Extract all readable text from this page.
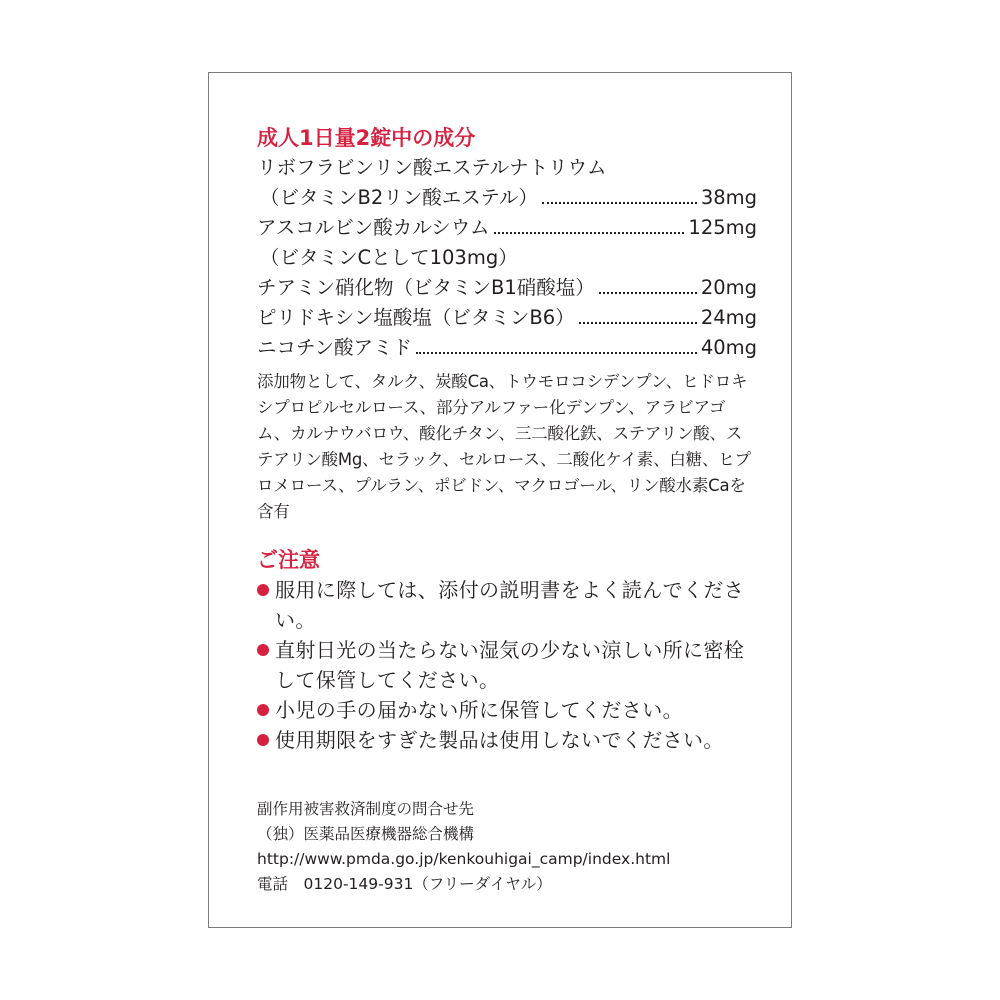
成人1日量2錠中の成分
リボフラビンリン酸エステルナトリウム
（ビタミンB2リン酸エステル）	38mg
アスコルビン酸カルシウム	125mg
（ビタミンCとして103mg）
チアミン硝化物（ビタミンB1硝酸塩）	20mg
ピリドキシン塩酸塩（ビタミンB6）	24mg
ニコチン酸アミド	40mg
添加物として、タルク、炭酸Ca、トウモロコシデンプン、ヒドロキシプロピルセルロース、部分アルファー化デンプン、アラビアゴム、カルナウバロウ、酸化チタン、三二酸化鉄、ステアリン酸、ステアリン酸Mg、セラック、セルロース、二酸化ケイ素、白糖、ヒプロメロース、プルラン、ポビドン、マクロゴール、リン酸水素Caを含有
ご注意
服用に際しては、添付の説明書をよく読んでください。
直射日光の当たらない湿気の少ない涼しい所に密栓して保管してください。
小児の手の届かない所に保管してください。
使用期限をすぎた製品は使用しないでください。
副作用被害救済制度の問合せ先
（独）医薬品医療機器総合機構
http://www.pmda.go.jp/kenkouhigai_camp/index.html
電話　0120-149-931（フリーダイヤル）
